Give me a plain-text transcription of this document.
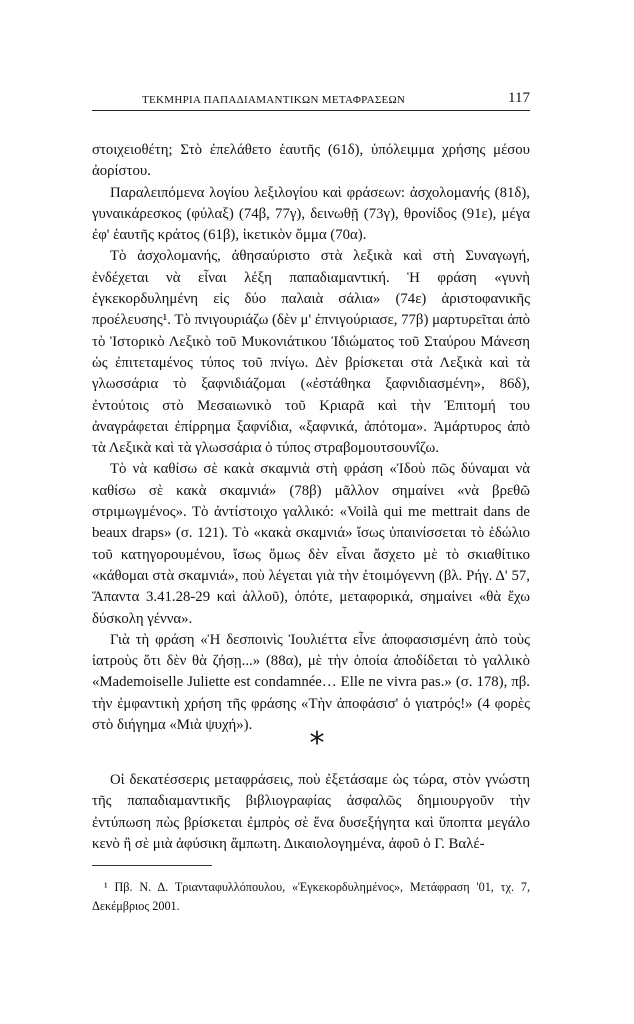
ΤΕΚΜΗΡΙΑ ΠΑΠΑΔΙΑΜΑΝΤΙΚΩΝ ΜΕΤΑΦΡΑΣΕΩΝ	117

στοιχειοθέτη; Στὸ ἐπελάθετο ἑαυτῆς (61δ), ὑπόλειμμα χρήσης μέσου ἀορίστου.

Παραλειπόμενα λογίου λεξιλογίου καὶ φράσεων: ἀσχολομανής (81δ), γυναικάρεσκος (φύλαξ) (74β, 77γ), δεινωθῇ (73γ), θρονίδος (91ε), μέγα ἐφ' ἑαυτῆς κράτος (61β), ἱκετικὸν ὄμμα (70α).

Τὸ ἀσχολομανής, ἀθησαύριστο στὰ λεξικὰ καὶ στὴ Συναγωγή, ἐνδέχεται νὰ εἶναι λέξη παπαδιαμαντική. Ἡ φράση «γυνὴ ἐγκεκορδυλημένη εἰς δύο παλαιὰ σάλια» (74ε) ἀριστοφανικῆς προέλευσης¹. Τὸ πνιγουριάζω (δὲν μ' ἐπνιγούριασε, 77β) μαρτυρεῖται ἀπὸ τὸ Ἱστορικὸ Λεξικὸ τοῦ Μυκονιάτικου Ἰδιώματος τοῦ Σταύρου Μάνεση ὡς ἐπιτεταμένος τύπος τοῦ πνίγω. Δὲν βρίσκεται στὰ Λεξικὰ καὶ τὰ γλωσσάρια τὸ ξαφνιδιάζομαι («ἐστάθηκα ξαφνιδιασμένη», 86δ), ἐντούτοις στὸ Μεσαιωνικὸ τοῦ Κριαρᾶ καὶ τὴν Ἐπιτομή του ἀναγράφεται ἐπίρρημα ξαφνίδια, «ξαφνικά, ἀπότομα». Ἀμάρτυρος ἀπὸ τὰ Λεξικὰ καὶ τὰ γλωσσάρια ὁ τύπος στραβομουτσουνΐζω.

Τὸ νὰ καθίσω σὲ κακὰ σκαμνιὰ στὴ φράση «Ἰδοὺ πῶς δύναμαι νὰ καθίσω σὲ κακὰ σκαμνιά» (78β) μᾶλλον σημαίνει «νὰ βρεθῶ στριμωγμένος». Τὸ ἀντίστοιχο γαλλικό: «Voilà qui me mettrait dans de beaux draps» (σ. 121). Τὸ «κακὰ σκαμνιά» ἴσως ὑπαινίσσεται τὸ ἑδώλιο τοῦ κατηγορουμένου, ἴσως ὅμως δὲν εἶναι ἄσχετο μὲ τὸ σκιαθίτικο «κάθομαι στὰ σκαμνιά», ποὺ λέγεται γιὰ τὴν ἑτοιμόγεννη (βλ. Ρήγ. Δ' 57, Ἅπαντα 3.41.28-29 καὶ ἀλλοῦ), ὁπότε, μεταφορικά, σημαίνει «θὰ ἔχω δύσκολη γέννα».

Γιὰ τὴ φράση «Ἡ δεσποινὶς Ἰουλιέττα εἶνε ἀποφασισμένη ἀπὸ τοὺς ἰατροὺς ὅτι δὲν θὰ ζήσῃ...» (88α), μὲ τὴν ὁποία ἀποδίδεται τὸ γαλλικὸ «Mademoiselle Juliette est condamnée… Elle ne vivra pas.» (σ. 178), πβ. τὴν ἐμφαντικὴ χρήση τῆς φράσης «Τὴν ἀποφάσισ' ὁ γιατρός!» (4 φορὲς στὸ διήγημα «Μιὰ ψυχή»).

*

Οἱ δεκατέσσερις μεταφράσεις, ποὺ ἐξετάσαμε ὡς τώρα, στὸν γνώστη τῆς παπαδιαμαντικῆς βιβλιογραφίας ἀσφαλῶς δημιουργοῦν τὴν ἐντύπωση πὼς βρίσκεται ἐμπρὸς σὲ ἕνα δυσεξήγητα καὶ ὕποπτα μεγάλο κενὸ ἢ σὲ μιὰ ἀφύσικη ἄμπωτη. Δικαιολογημένα, ἀφοῦ ὁ Γ. Βαλέ-

¹ Πβ. Ν. Δ. Τριανταφυλλόπουλου, «Ἐγκεκορδυλημένος», Μετάφραση '01, τχ. 7, Δεκέμβριος 2001.
